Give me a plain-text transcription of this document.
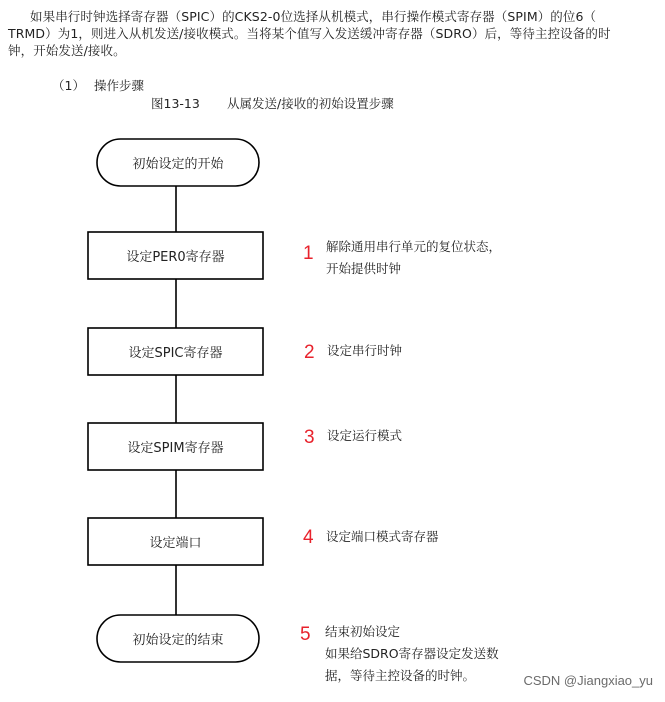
如果串行时钟选择寄存器（SPIC）的CKS2-0位选择从机模式，串行操作模式寄存器（SPIM）的位6（
TRMD）为1，则进入从机发送/接收模式。当将某个值写入发送缓冲寄存器（SDRO）后，等待主控设备的时
钟，开始发送/接收。

（1） 操作步骤
图13-13 从属发送/接收的初始设置步骤
初始设定的开始
设定PER0寄存器
设定SPIC寄存器
设定SPIM寄存器
设定端口
初始设定的结束
1 解除通用串行单元的复位状态，
开始提供时钟
2 设定串行时钟
3 设定运行模式
4 设定端口模式寄存器
5 结束初始设定
如果给SDRO寄存器设定发送数
据，等待主控设备的时钟。	CSDN @Jiangxiao_yu
